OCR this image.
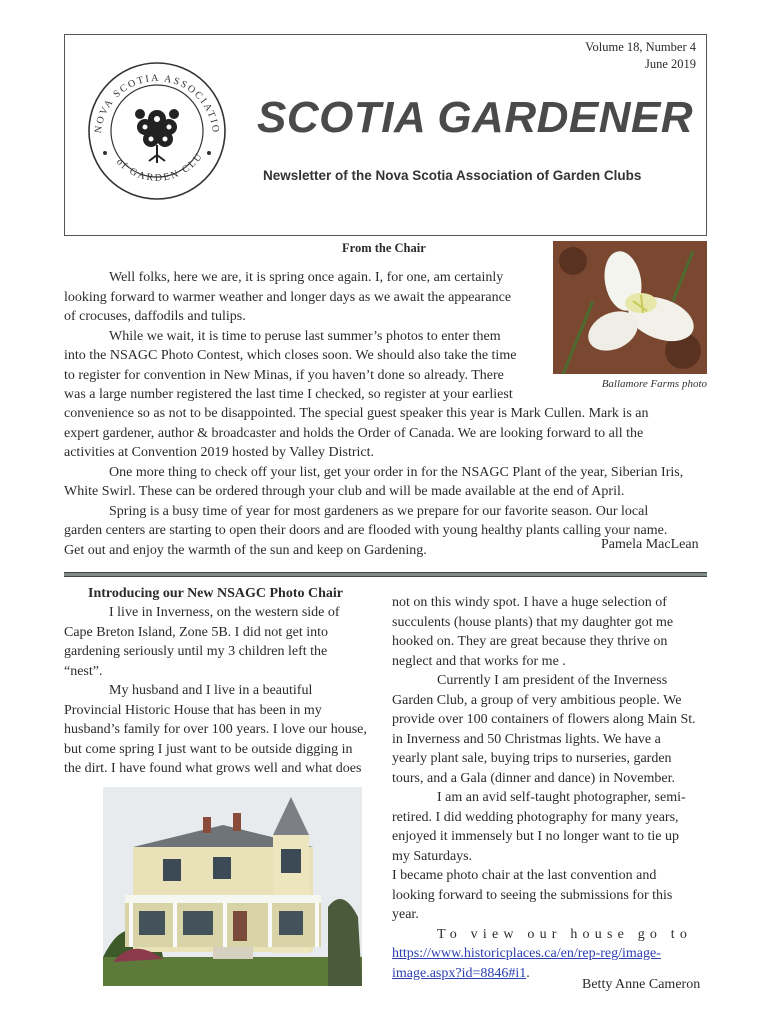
Volume 18, Number 4
June 2019
NOVA SCOTIA ASSOCIATIO
of GARDEN CLU
SCOTIA GARDENER
Newsletter of the Nova Scotia Association of Garden Clubs
From the Chair
Ballamore Farms photo
Well folks, here we are, it is spring once again. I, for one, am certainly
looking forward to warmer weather and longer days as we await the appearance
of crocuses, daffodils and tulips.
While we wait, it is time to peruse last summer’s photos to enter them
into the NSAGC Photo Contest, which closes soon. We should also take the time
to register for convention in New Minas, if you haven’t done so already. There
was a large number registered the last time I checked, so register at your earliest
convenience so as not to be disappointed. The special guest speaker this year is Mark Cullen. Mark is an
expert gardener, author & broadcaster and holds the Order of Canada. We are looking forward to all the
activities at Convention 2019 hosted by Valley District.
One more thing to check off your list, get your order in for the NSAGC Plant of the year, Siberian Iris,
White Swirl. These can be ordered through your club and will be made available at the end of April.
Spring is a busy time of year for most gardeners as we prepare for our favorite season. Our local
garden centers are starting to open their doors and are flooded with young healthy plants calling your name.
Get out and enjoy the warmth of the sun and keep on Gardening.	Pamela MacLean
Introducing our New NSAGC Photo Chair
I live in Inverness, on the western side of
Cape Breton Island, Zone 5B. I did not get into
gardening seriously until my 3 children left the
“nest”.
My husband and I live in a beautiful
Provincial Historic House that has been in my
husband’s family for over 100 years. I love our house,
but come spring I just want to be outside digging in
the dirt. I have found what grows well and what does
not on this windy spot. I have a huge selection of
succulents (house plants) that my daughter got me
hooked on. They are great because they thrive on
neglect and that works for me .
Currently I am president of the Inverness
Garden Club, a group of very ambitious people. We
provide over 100 containers of flowers along Main St.
in Inverness and 50 Christmas lights. We have a
yearly plant sale, buying trips to nurseries, garden
tours, and a Gala (dinner and dance) in November.
I am an avid self-taught photographer, semi-
retired. I did wedding photography for many years,
enjoyed it immensely but I no longer want to tie up
my Saturdays.
I became photo chair at the last convention and
looking forward to seeing the submissions for this
year.
To view our house go to
https://www.historicplaces.ca/en/rep-reg/image-
image.aspx?id=8846#i1.
Betty Anne Cameron
